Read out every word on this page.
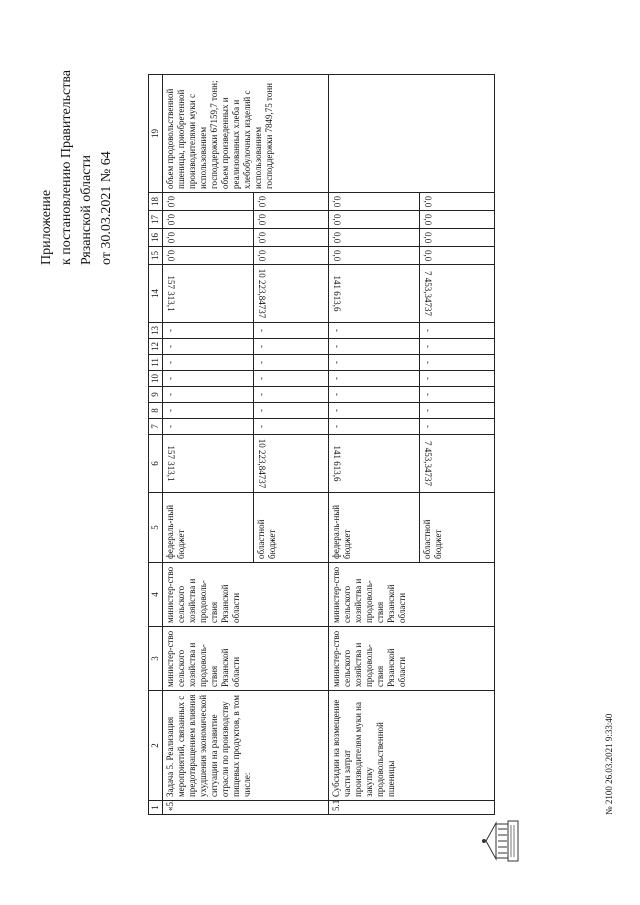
Приложение к постановлению Правительства Рязанской области от 30.03.2021 № 64
1	2	3	4	5	6	7	8	9	10	11	12	13	14	15	16	17	18	19
«5.	Задача 5. Реализация мероприятий, связанных с предотвращением влияния ухудшения экономической ситуации на развитие отрасли по производству пищевых продуктов, в том числе:	министер-ство сельского хозяйства и продоволь-ствия Рязанской области	министер-ство сельского хозяйства и продоволь-ствия Рязанской области	федераль-ный бюджет	157 313,1	-	-	-	-	-	-	-	157 313,1	0,0	0,0	0,0	0,0	объем продовольственной пшеницы, приобретенной производителями муки с использованием господдержки 67159,7 тонн; объем произведенных и реализованных хлеба и хлебобулочных изделий с использованием господдержки 7849,75 тонн
				областной бюджет	10 223,84737	-	-	-	-	-	-	-	10 223,84737	0,0	0,0	0,0	0,0	

5.1	Субсидии на возмещение части затрат производителям муки на закупку продовольственной пшеницы	министер-ство сельского хозяйства и продоволь-ствия Рязанской области	министер-ство сельского хозяйства и продоволь-ствия Рязанской области	федераль-ный бюджет	141 613,6	-	-	-	-	-	-	-	141 613,6	0,0	0,0	0,0	0,0	

				областной бюджет	7 453,34737	-	-	-	-	-	-	-	7 453,34737	0,0	0,0	0,0	0,0	
№ 2100 26.03.2021 9:33:40
